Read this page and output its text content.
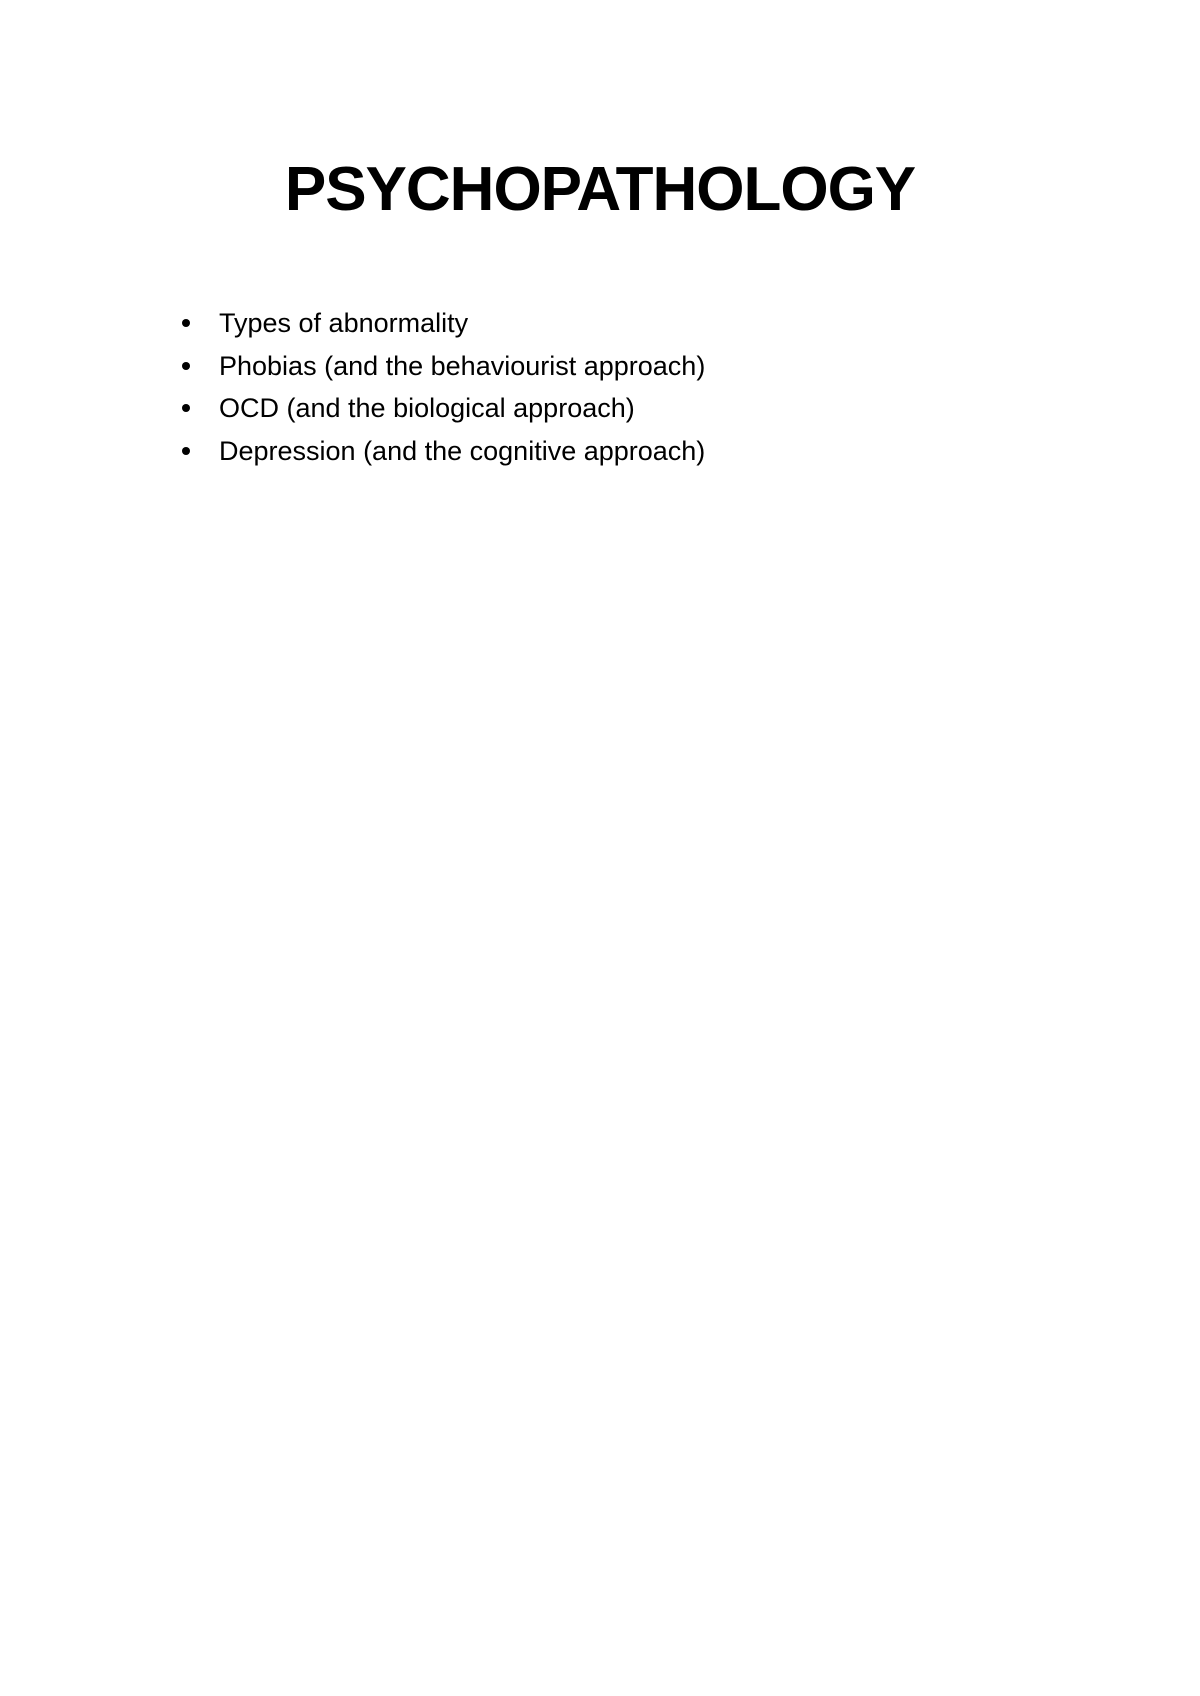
PSYCHOPATHOLOGY
Types of abnormality
Phobias (and the behaviourist approach)
OCD (and the biological approach)
Depression (and the cognitive approach)
